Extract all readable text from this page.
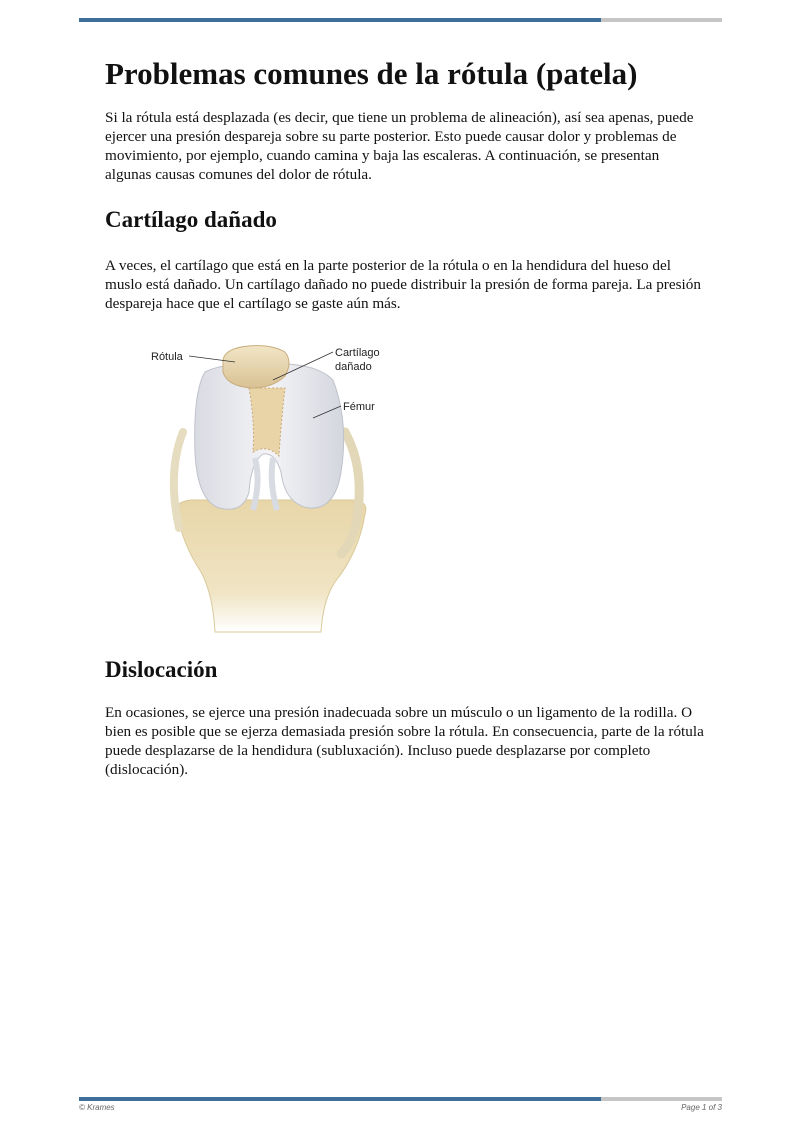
Problemas comunes de la rótula (patela)

Si la rótula está desplazada (es decir, que tiene un problema de alineación), así sea apenas, puede ejercer una presión despareja sobre su parte posterior. Esto puede causar dolor y problemas de movimiento, por ejemplo, cuando camina y baja las escaleras. A continuación, se presentan algunas causas comunes del dolor de rótula.

Cartílago dañado

A veces, el cartílago que está en la parte posterior de la rótula o en la hendidura del hueso del muslo está dañado. Un cartílago dañado no puede distribuir la presión de forma pareja. La presión despareja hace que el cartílago se gaste aún más.

Dislocación

En ocasiones, se ejerce una presión inadecuada sobre un músculo o un ligamento de la rodilla. O bien es posible que se ejerza demasiada presión sobre la rótula. En consecuencia, parte de la rótula puede desplazarse de la hendidura (subluxación). Incluso puede desplazarse por completo (dislocación).

Rótula	Cartílago
dañado
Fémur
© Krames	Page 1 of 3
